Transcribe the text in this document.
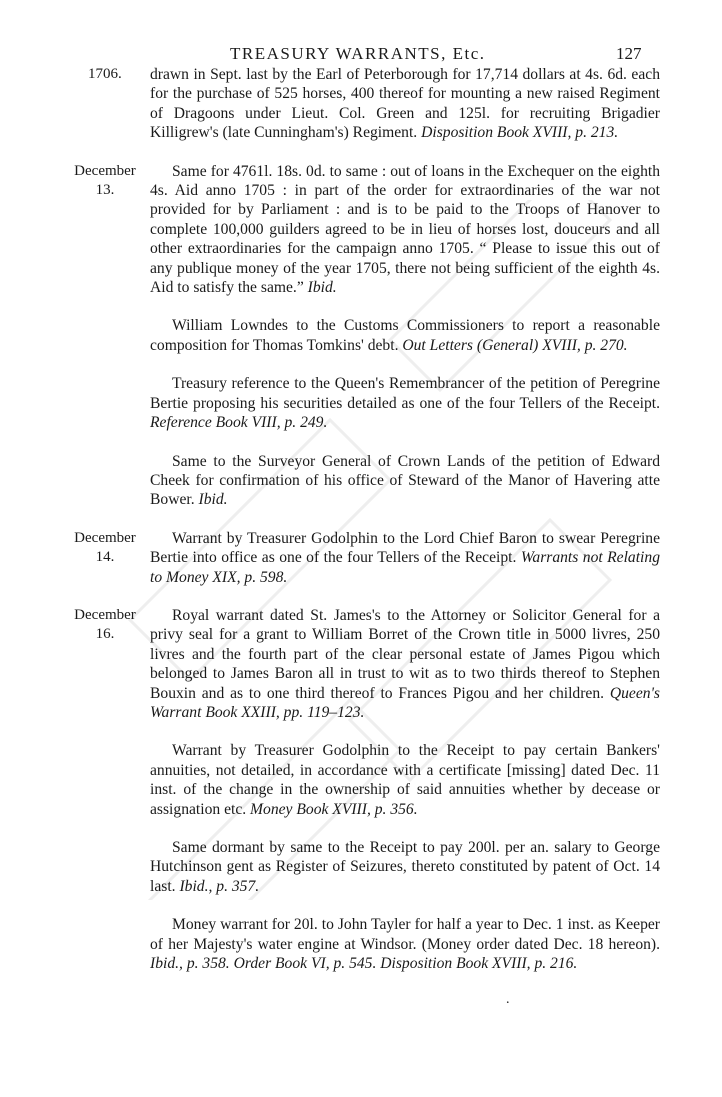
TREASURY WARRANTS, Etc.	127
1706. drawn in Sept. last by the Earl of Peterborough for 17,714 dollars at 4s. 6d. each for the purchase of 525 horses, 400 thereof for mounting a new raised Regiment of Dragoons under Lieut. Col. Green and 125l. for recruiting Brigadier Killigrew's (late Cunningham's) Regiment. Disposition Book XVIII, p. 213.
December
13.
Same for 4761l. 18s. 0d. to same : out of loans in the Exchequer on the eighth 4s. Aid anno 1705 : in part of the order for extraordinaries of the war not provided for by Parliament : and is to be paid to the Troops of Hanover to complete 100,000 guilders agreed to be in lieu of horses lost, douceurs and all other extraordinaries for the campaign anno 1705. “ Please to issue this out of any publique money of the year 1705, there not being sufficient of the eighth 4s. Aid to satisfy the same.” Ibid.
William Lowndes to the Customs Commissioners to report a reasonable composition for Thomas Tomkins' debt. Out Letters (General) XVIII, p. 270.
Treasury reference to the Queen's Remembrancer of the petition of Peregrine Bertie proposing his securities detailed as one of the four Tellers of the Receipt. Reference Book VIII, p. 249.
Same to the Surveyor General of Crown Lands of the petition of Edward Cheek for confirmation of his office of Steward of the Manor of Havering atte Bower. Ibid.
December
14.
Warrant by Treasurer Godolphin to the Lord Chief Baron to swear Peregrine Bertie into office as one of the four Tellers of the Receipt. Warrants not Relating to Money XIX, p. 598.
December
16.
Royal warrant dated St. James's to the Attorney or Solicitor General for a privy seal for a grant to William Borret of the Crown title in 5000 livres, 250 livres and the fourth part of the clear personal estate of James Pigou which belonged to James Baron all in trust to wit as to two thirds thereof to Stephen Bouxin and as to one third thereof to Frances Pigou and her children. Queen's Warrant Book XXIII, pp. 119–123.
Warrant by Treasurer Godolphin to the Receipt to pay certain Bankers' annuities, not detailed, in accordance with a certificate [missing] dated Dec. 11 inst. of the change in the ownership of said annuities whether by decease or assignation etc. Money Book XVIII, p. 356.
Same dormant by same to the Receipt to pay 200l. per an. salary to George Hutchinson gent as Register of Seizures, thereto constituted by patent of Oct. 14 last. Ibid., p. 357.
Money warrant for 20l. to John Tayler for half a year to Dec. 1 inst. as Keeper of her Majesty's water engine at Windsor. (Money order dated Dec. 18 hereon). Ibid., p. 358. Order Book VI, p. 545. Disposition Book XVIII, p. 216.
.
